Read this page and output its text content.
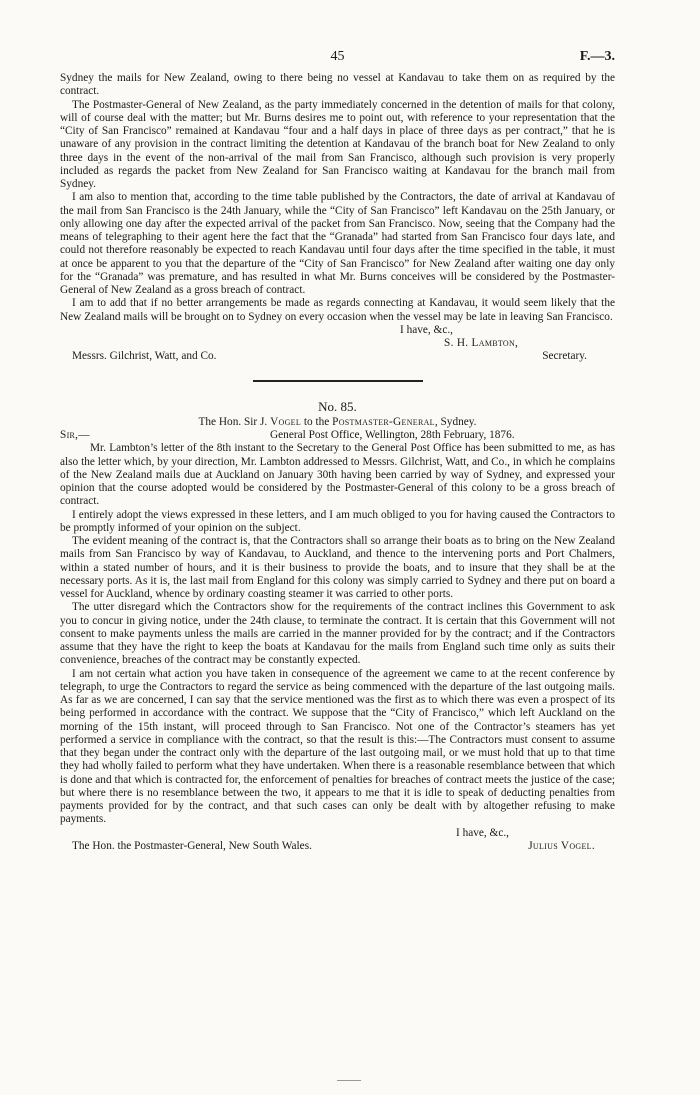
45	F.—3.

Sydney the mails for New Zealand, owing to there being no vessel at Kandavau to take them on as required by the contract.

The Postmaster-General of New Zealand, as the party immediately concerned in the detention of mails for that colony, will of course deal with the matter; but Mr. Burns desires me to point out, with reference to your representation that the “City of San Francisco” remained at Kandavau “four and a half days in place of three days as per contract,” that he is unaware of any provision in the contract limiting the detention at Kandavau of the branch boat for New Zealand to only three days in the event of the non-arrival of the mail from San Francisco, although such provision is very properly included as regards the packet from New Zealand for San Francisco waiting at Kandavau for the branch mail from Sydney.

I am also to mention that, according to the time table published by the Contractors, the date of arrival at Kandavau of the mail from San Francisco is the 24th January, while the “City of San Francisco” left Kandavau on the 25th January, or only allowing one day after the expected arrival of the packet from San Francisco. Now, seeing that the Company had the means of telegraphing to their agent here the fact that the “Granada” had started from San Francisco four days late, and could not therefore reasonably be expected to reach Kandavau until four days after the time specified in the table, it must at once be apparent to you that the departure of the “City of San Francisco” for New Zealand after waiting one day only for the “Granada” was premature, and has resulted in what Mr. Burns conceives will be considered by the Postmaster-General of New Zealand as a gross breach of contract.

I am to add that if no better arrangements be made as regards connecting at Kandavau, it would seem likely that the New Zealand mails will be brought on to Sydney on every occasion when the vessel may be late in leaving San Francisco.

I have, &c.,
S. H. Lambton,
Messrs. Gilchrist, Watt, and Co.	Secretary.
No. 85.
The Hon. Sir J. Vogel to the Postmaster-General, Sydney.
Sir,—	General Post Office, Wellington, 28th February, 1876.

Mr. Lambton’s letter of the 8th instant to the Secretary to the General Post Office has been submitted to me, as has also the letter which, by your direction, Mr. Lambton addressed to Messrs. Gilchrist, Watt, and Co., in which he complains of the New Zealand mails due at Auckland on January 30th having been carried by way of Sydney, and expressed your opinion that the course adopted would be considered by the Postmaster-General of this colony to be a gross breach of contract.

I entirely adopt the views expressed in these letters, and I am much obliged to you for having caused the Contractors to be promptly informed of your opinion on the subject.

The evident meaning of the contract is, that the Contractors shall so arrange their boats as to bring on the New Zealand mails from San Francisco by way of Kandavau, to Auckland, and thence to the intervening ports and Port Chalmers, within a stated number of hours, and it is their business to provide the boats, and to insure that they shall be at the necessary ports. As it is, the last mail from England for this colony was simply carried to Sydney and there put on board a vessel for Auckland, whence by ordinary coasting steamer it was carried to other ports.

The utter disregard which the Contractors show for the requirements of the contract inclines this Government to ask you to concur in giving notice, under the 24th clause, to terminate the contract. It is certain that this Government will not consent to make payments unless the mails are carried in the manner provided for by the contract; and if the Contractors assume that they have the right to keep the boats at Kandavau for the mails from England such time only as suits their convenience, breaches of the contract may be constantly expected.

I am not certain what action you have taken in consequence of the agreement we came to at the recent conference by telegraph, to urge the Contractors to regard the service as being commenced with the departure of the last outgoing mails. As far as we are concerned, I can say that the service mentioned was the first as to which there was even a prospect of its being performed in accordance with the contract. We suppose that the “City of Francisco,” which left Auckland on the morning of the 15th instant, will proceed through to San Francisco. Not one of the Contractor’s steamers has yet performed a service in compliance with the contract, so that the result is this:—The Contractors must consent to assume that they began under the contract only with the departure of the last outgoing mail, or we must hold that up to that time they had wholly failed to perform what they have undertaken. When there is a reasonable resemblance between that which is done and that which is contracted for, the enforcement of penalties for breaches of contract meets the justice of the case; but where there is no resemblance between the two, it appears to me that it is idle to speak of deducting penalties from payments provided for by the contract, and that such cases can only be dealt with by altogether refusing to make payments.

I have, &c.,
The Hon. the Postmaster-General, New South Wales.	Julius Vogel.
